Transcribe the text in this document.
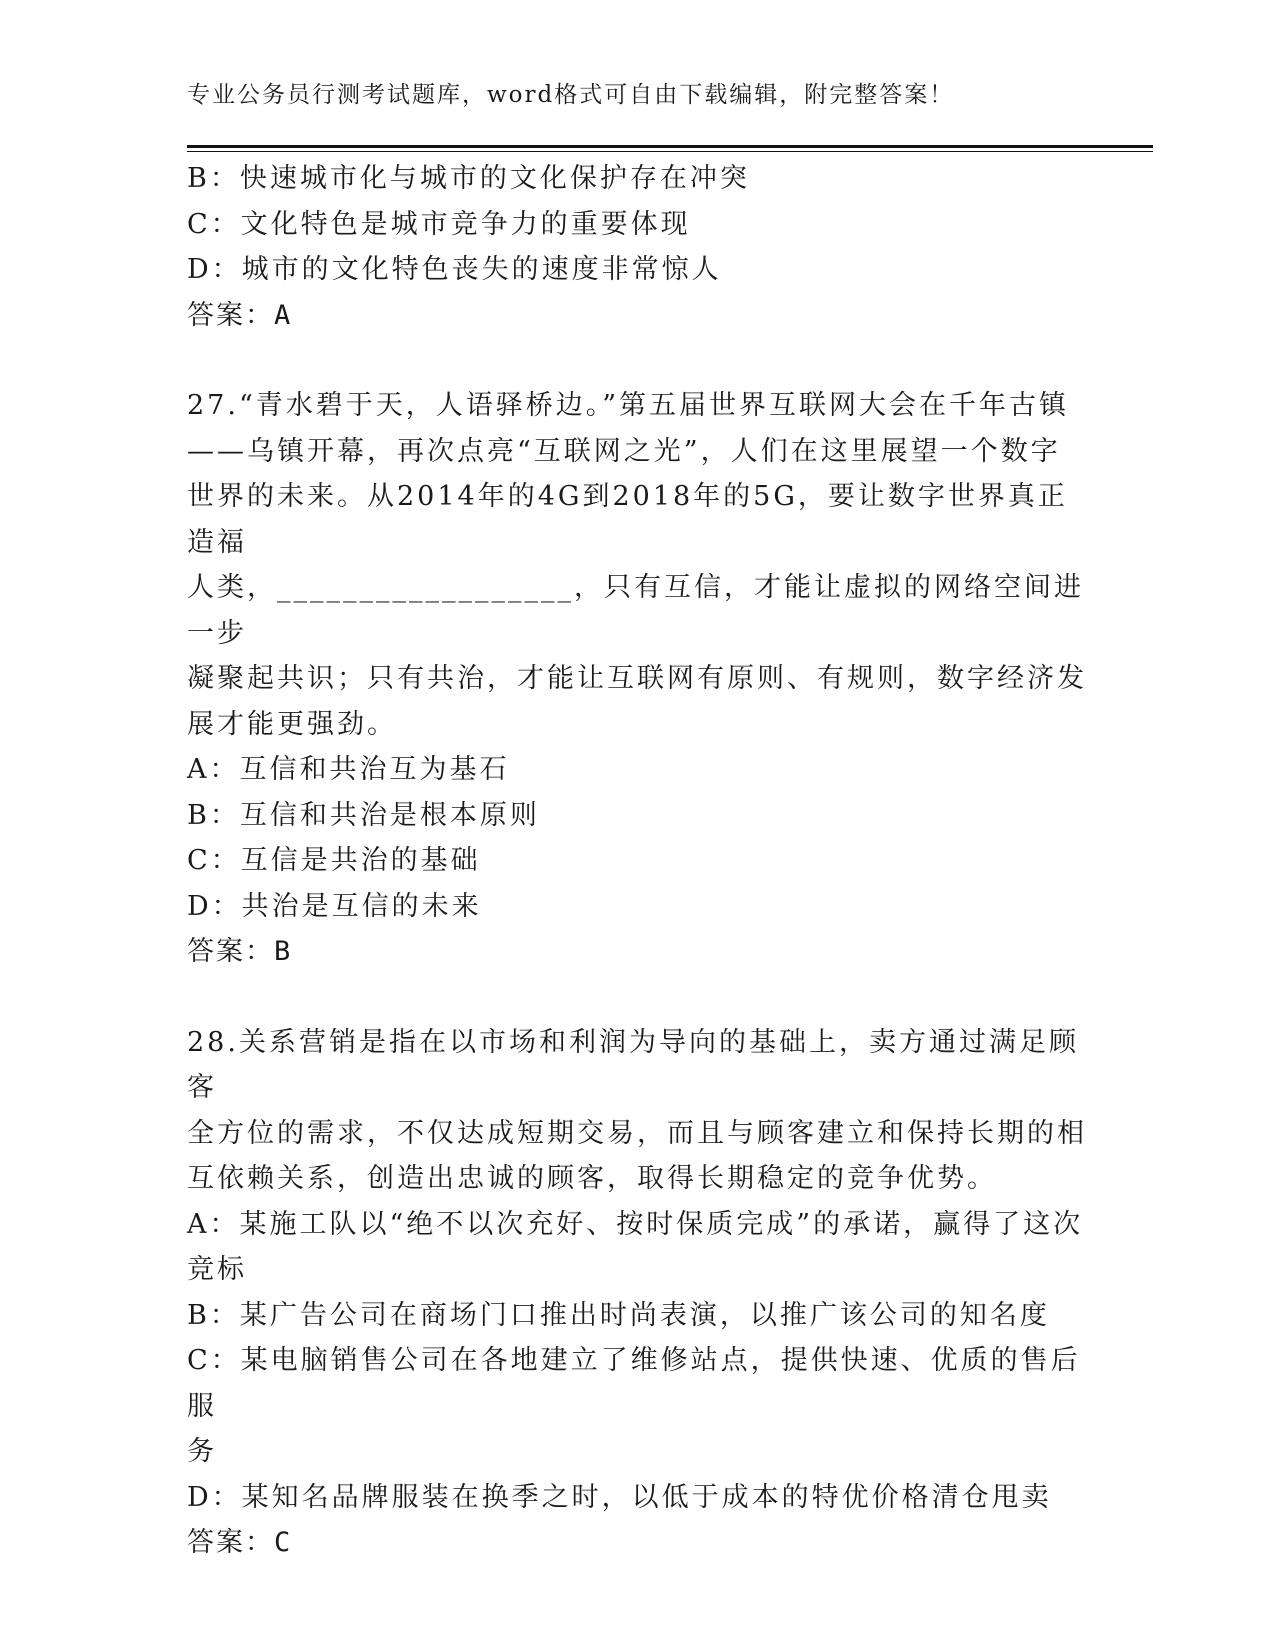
专业公务员行测考试题库，word格式可自由下载编辑，附完整答案！

B：快速城市化与城市的文化保护存在冲突

C：文化特色是城市竞争力的重要体现

D：城市的文化特色丧失的速度非常惊人

答案：A

27.“青水碧于天，人语驿桥边。”第五届世界互联网大会在千年古镇

——乌镇开幕，再次点亮“互联网之光”，人们在这里展望一个数字

世界的未来。从2014年的4G到2018年的5G，要让数字世界真正造福

人类，__________________，只有互信，才能让虚拟的网络空间进一步

凝聚起共识；只有共治，才能让互联网有原则、有规则，数字经济发

展才能更强劲。

A：互信和共治互为基石

B：互信和共治是根本原则

C：互信是共治的基础

D：共治是互信的未来

答案：B

28.关系营销是指在以市场和利润为导向的基础上，卖方通过满足顾客

全方位的需求，不仅达成短期交易，而且与顾客建立和保持长期的相

互依赖关系，创造出忠诚的顾客，取得长期稳定的竞争优势。

A：某施工队以“绝不以次充好、按时保质完成”的承诺，赢得了这次

竞标

B：某广告公司在商场门口推出时尚表演，以推广该公司的知名度

C：某电脑销售公司在各地建立了维修站点，提供快速、优质的售后服

务

D：某知名品牌服装在换季之时，以低于成本的特优价格清仓甩卖

答案：C
